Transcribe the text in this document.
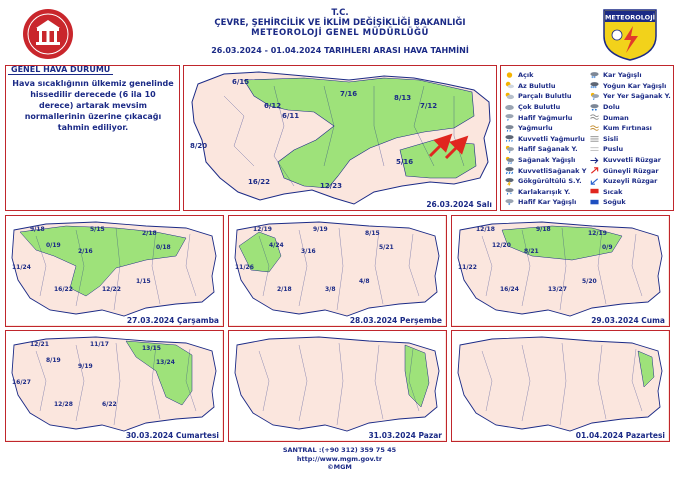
T.C.
ÇEVRE, ŞEHİRCİLİK VE İKLİM DEĞİŞİKLİĞİ BAKANLIĞI
METEOROLOJİ GENEL MÜDÜRLÜĞÜ
26.03.2024 - 01.04.2024 TARIHLERI ARASI HAVA TAHMİNİ
METEOROLOJİ
GENEL HAVA DURUMU
Hava sıcaklığının ülkemiz genelinde hissedilir derecede (6 ila 10 derece) artarak mevsim normallerinin üzerine çıkacağı tahmin ediliyor.
6/15
7/16	8/13
7/12
6/12
6/11
8/20
16/22	12/23
5/16
26.03.2024 Salı
Açık
Az Bulutlu
Parçalı Bulutlu
Çok Bulutlu
Hafif Yağmurlu
Yağmurlu
Kuvvetli Yağmurlu
Hafif Sağanak Y.
Sağanak Yağışlı
KuvvetliSağanak Y
Gökgürültülü S.Y.
* Karlakarışık Y.
* Hafif Kar Yağışlı
** Kar Yağışlı
*** Yoğun Kar Yağışlı
Yer Yer Sağanak Y.
Dolu
Duman
Kum Fırtınası
Sisli
Puslu
Kuvvetli Rüzgar
Güneyli Rüzgar
Kuzeyli Rüzgar
Sıcak
Soğuk
9/18	5/15
2/18
0/19
2/16
0/18
11/24
16/22	12/22
1/15
27.03.2024 Çarşamba
12/19	9/19
8/15
4/24
3/16
5/21
11/26
2/18	3/8
4/8
28.03.2024 Perşembe
12/18	9/18
12/19
12/20
8/21
0/9
11/22
16/24	13/27
5/20
29.03.2024 Cuma
12/21	11/17
13/15
8/19
9/19
13/24
16/27
12/28	6/22
30.03.2024 Cumartesi	31.03.2024 Pazar	01.04.2024 Pazartesi
SANTRAL :(+90 312) 359 75 45
http://www.mgm.gov.tr
©MGM
